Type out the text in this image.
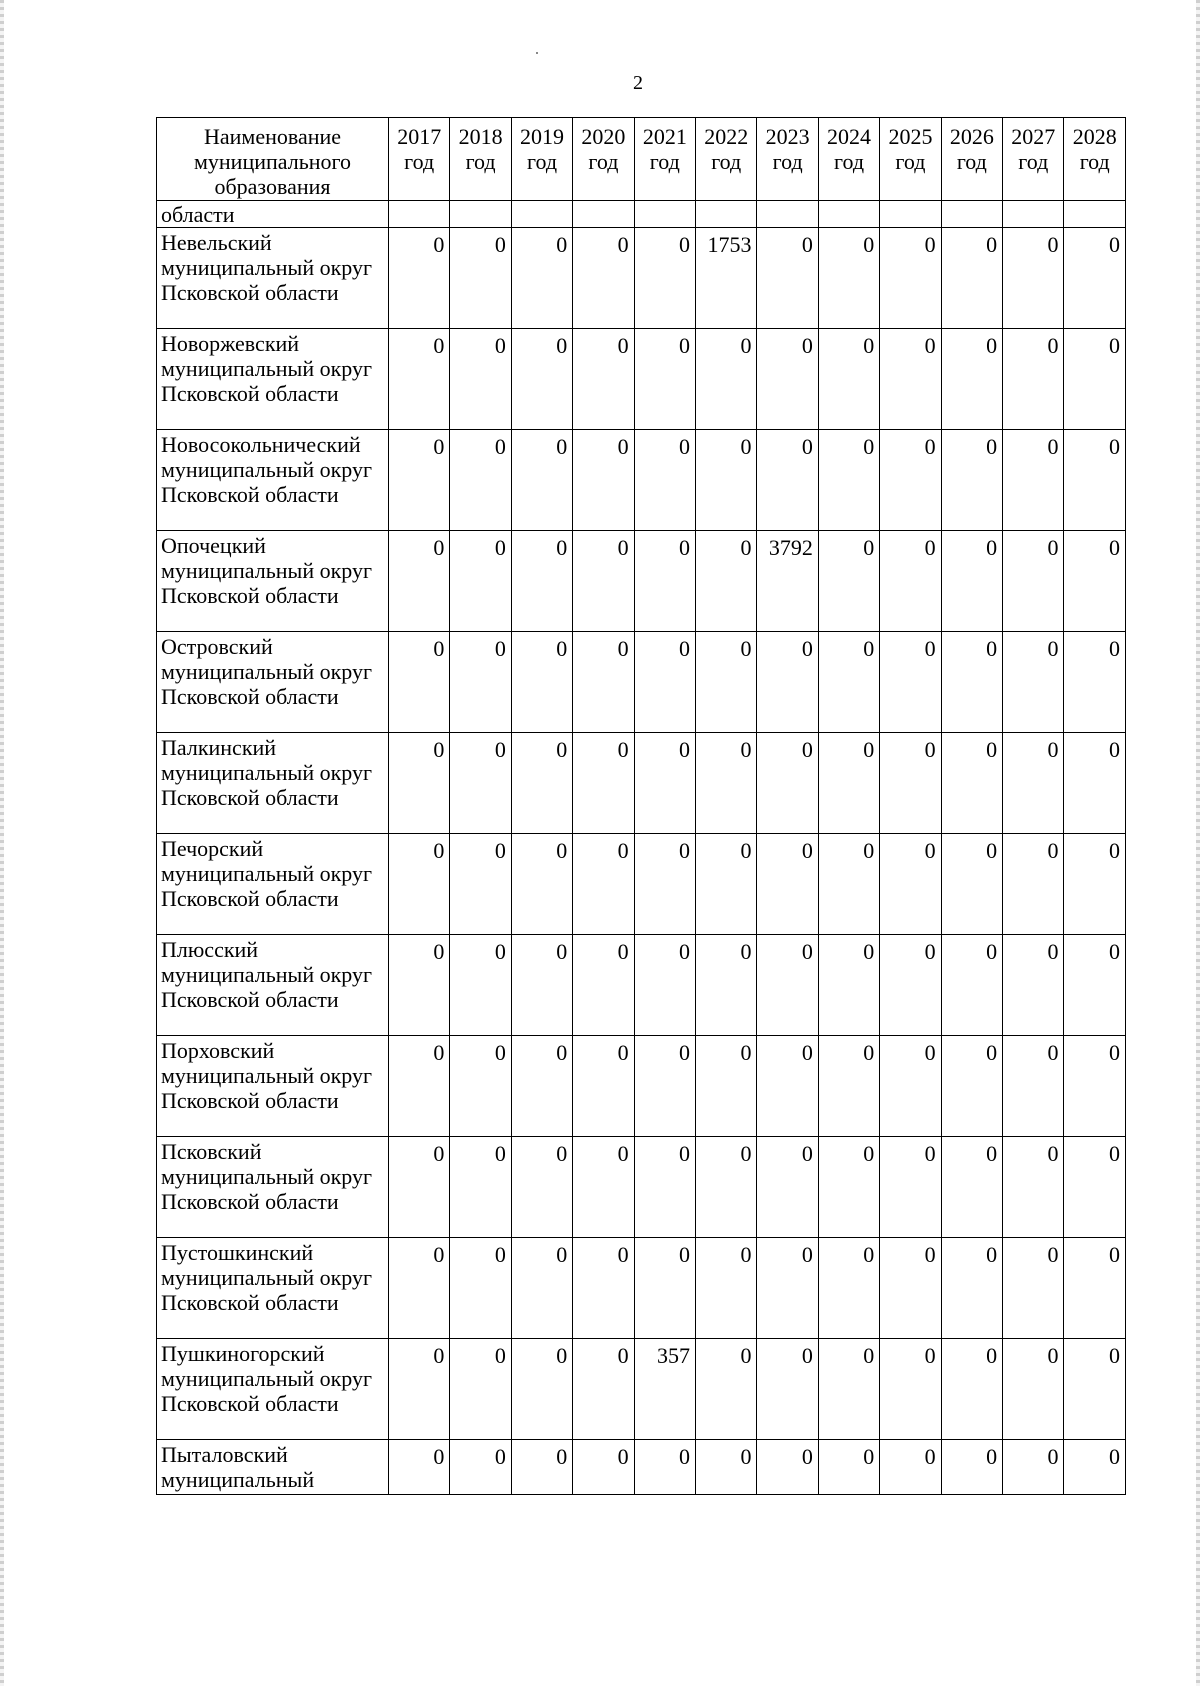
2
Наименование муниципального образования	2017 год	2018 год	2019 год	2020 год	2021 год	2022 год	2023 год	2024 год	2025 год	2026 год	2027 год	2028 год
области												
Невельский муниципальный округ Псковской области	0	0	0	0	0	1753	0	0	0	0	0	0
Новоржевский муниципальный округ Псковской области	0	0	0	0	0	0	0	0	0	0	0	0
Новосокольнический муниципальный округ Псковской области	0	0	0	0	0	0	0	0	0	0	0	0
Опочецкий муниципальный округ Псковской области	0	0	0	0	0	0	3792	0	0	0	0	0
Островский муниципальный округ Псковской области	0	0	0	0	0	0	0	0	0	0	0	0
Палкинский муниципальный округ Псковской области	0	0	0	0	0	0	0	0	0	0	0	0
Печорский муниципальный округ Псковской области	0	0	0	0	0	0	0	0	0	0	0	0
Плюсский муниципальный округ Псковской области	0	0	0	0	0	0	0	0	0	0	0	0
Порховский муниципальный округ Псковской области	0	0	0	0	0	0	0	0	0	0	0	0
Псковский муниципальный округ Псковской области	0	0	0	0	0	0	0	0	0	0	0	0
Пустошкинский муниципальный округ Псковской области	0	0	0	0	0	0	0	0	0	0	0	0
Пушкиногорский муниципальный округ Псковской области	0	0	0	0	357	0	0	0	0	0	0	0
Пыталовский муниципальный	0	0	0	0	0	0	0	0	0	0	0	0
